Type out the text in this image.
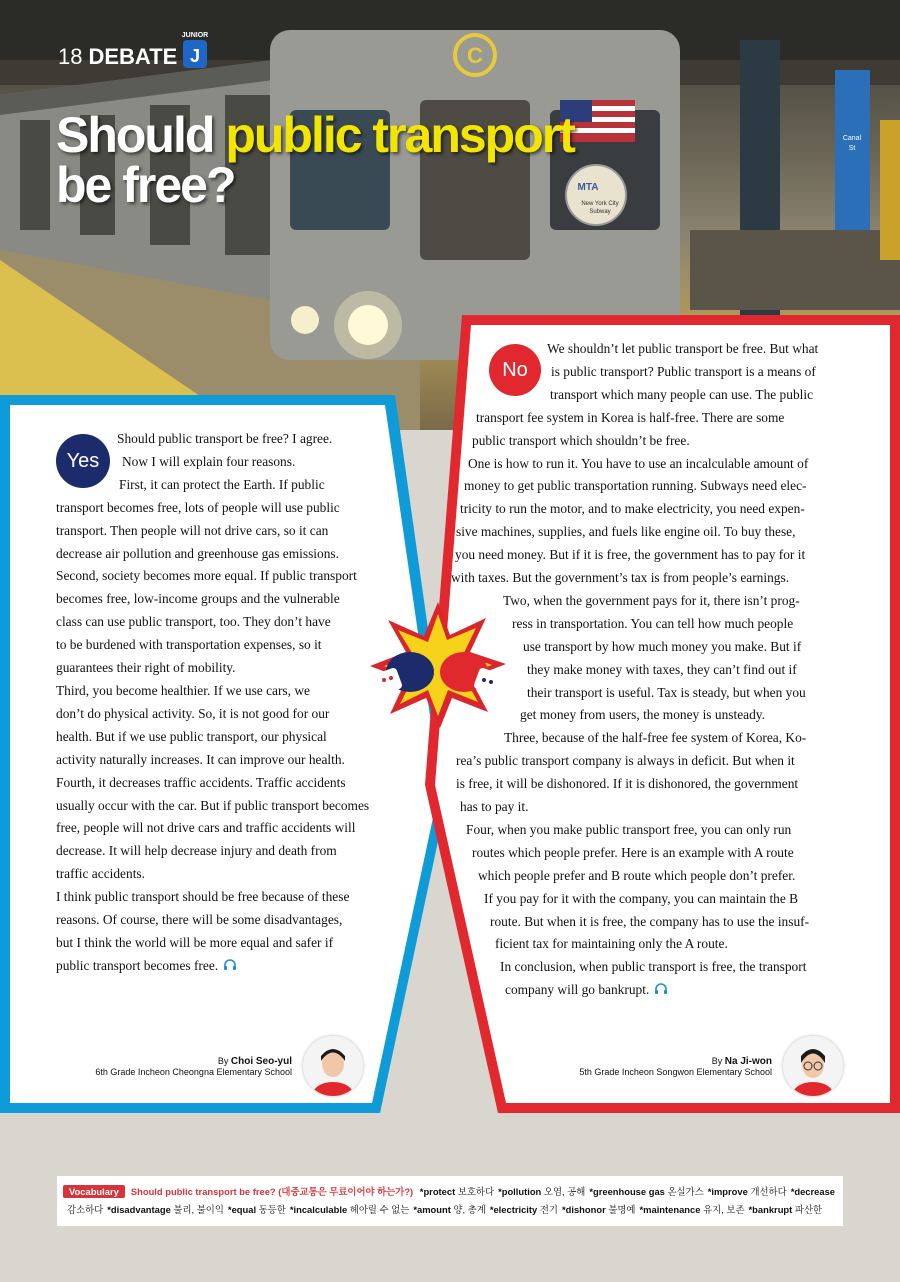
C
MTA
New York City
Subway
Canal
St
18 DEBATE
JUNIOR
J
Should public transport
be free?
Yes

Should public transport be free? I agree.

Now I will explain four reasons.

First, it can protect the Earth. If public

transport becomes free, lots of people will use public

transport. Then people will not drive cars, so it can

decrease air pollution and greenhouse gas emissions.

Second, society becomes more equal. If public transport

becomes free, low-income groups and the vulnerable

class can use public transport, too. They don’t have

to be burdened with transportation expenses, so it

guarantees their right of mobility.

Third, you become healthier. If we use cars, we

don’t do physical activity. So, it is not good for our

health. But if we use public transport, our physical

activity naturally increases. It can improve our health.

Fourth, it decreases traffic accidents. Traffic accidents

usually occur with the car. But if public transport becomes

free, people will not drive cars and traffic accidents will

decrease. It will help decrease injury and death from

traffic accidents.

I think public transport should be free because of these

reasons. Of course, there will be some disadvantages,

but I think the world will be more equal and safer if

public transport becomes free.

No

We shouldn’t let public transport be free. But what

is public transport? Public transport is a means of

transport which many people can use. The public

transport fee system in Korea is half-free. There are some

public transport which shouldn’t be free.

One is how to run it. You have to use an incalculable amount of

money to get public transportation running. Subways need elec-

tricity to run the motor, and to make electricity, you need expen-

sive machines, supplies, and fuels like engine oil. To buy these,

you need money. But if it is free, the government has to pay for it

with taxes. But the government’s tax is from people’s earnings.

Two, when the government pays for it, there isn’t prog-

ress in transportation. You can tell how much people

use transport by how much money you make. But if

they make money with taxes, they can’t find out if

their transport is useful. Tax is steady, but when you

get money from users, the money is unsteady.

Three, because of the half-free fee system of Korea, Ko-

rea’s public transport company is always in deficit. But when it

is free, it will be dishonored. If it is dishonored, the government

has to pay it.

Four, when you make public transport free, you can only run

routes which people prefer. Here is an example with A route

which people prefer and B route which people don’t prefer.

If you pay for it with the company, you can maintain the B

route. But when it is free, the company has to use the insuf-

ficient tax for maintaining only the A route.

In conclusion, when public transport is free, the transport

company will go bankrupt.

By Choi Seo-yul
6th Grade Incheon Cheongna Elementary School
By Na Ji-won
5th Grade Incheon Songwon Elementary School
Vocabulary Should public transport be free? (대중교통은 무료이어야 하는가?) *protect 보호하다 *pollution 오염, 공해 *greenhouse gas 온실가스 *improve 개선하다 *decrease
감소하다 *disadvantage 불리, 불이익 *equal 동등한 *incalculable 헤아릴 수 없는 *amount 양, 총계 *electricity 전기 *dishonor 불명예 *maintenance 유지, 보존 *bankrupt 파산한
